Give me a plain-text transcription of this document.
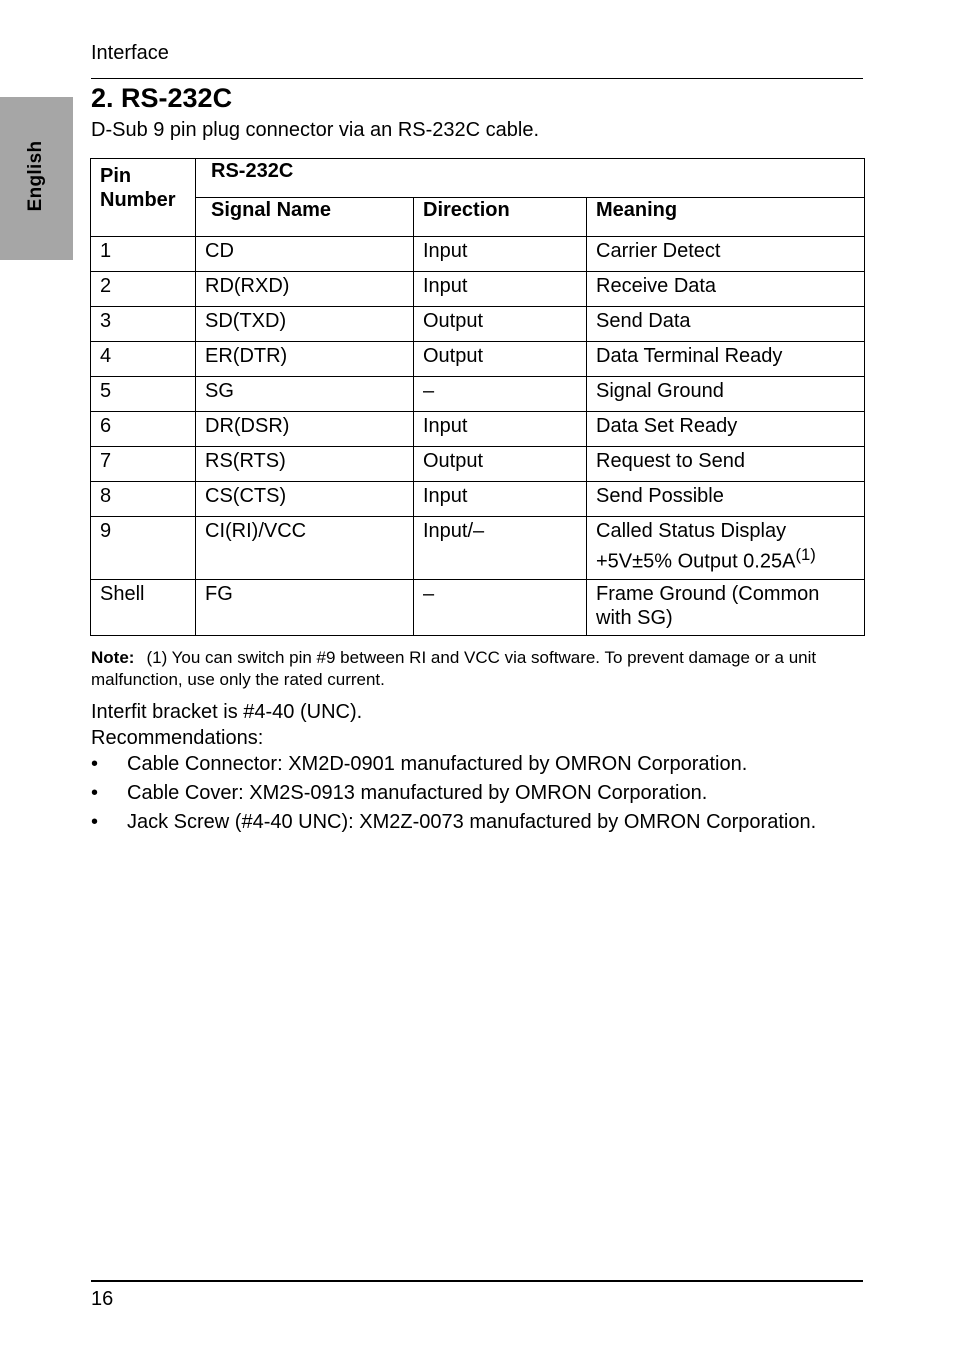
English
Interface
2. RS-232C
D-Sub 9 pin plug connector via an RS-232C cable.
Pin Number	RS-232C		
	Signal Name	Direction	Meaning
1	CD	Input	Carrier Detect
2	RD(RXD)	Input	Receive Data
3	SD(TXD)	Output	Send Data
4	ER(DTR)	Output	Data Terminal Ready
5	SG	–	Signal Ground
6	DR(DSR)	Input	Data Set Ready
7	RS(RTS)	Output	Request to Send
8	CS(CTS)	Input	Send Possible
9	CI(RI)/VCC	Input/–	Called Status Display
+5V±5% Output $0.25A^{(1)}$
Shell	FG	–	Frame Ground (Common with SG)
Note: (1) You can switch pin #9 between RI and VCC via software. To prevent damage or a unit malfunction, use only the rated current.
Interfit bracket is #4-40 (UNC).
Recommendations:
• Cable Connector: XM2D-0901 manufactured by OMRON Corporation.
• Cable Cover: XM2S-0913 manufactured by OMRON Corporation.
• Jack Screw (#4-40 UNC): XM2Z-0073 manufactured by OMRON Corporation.
16
